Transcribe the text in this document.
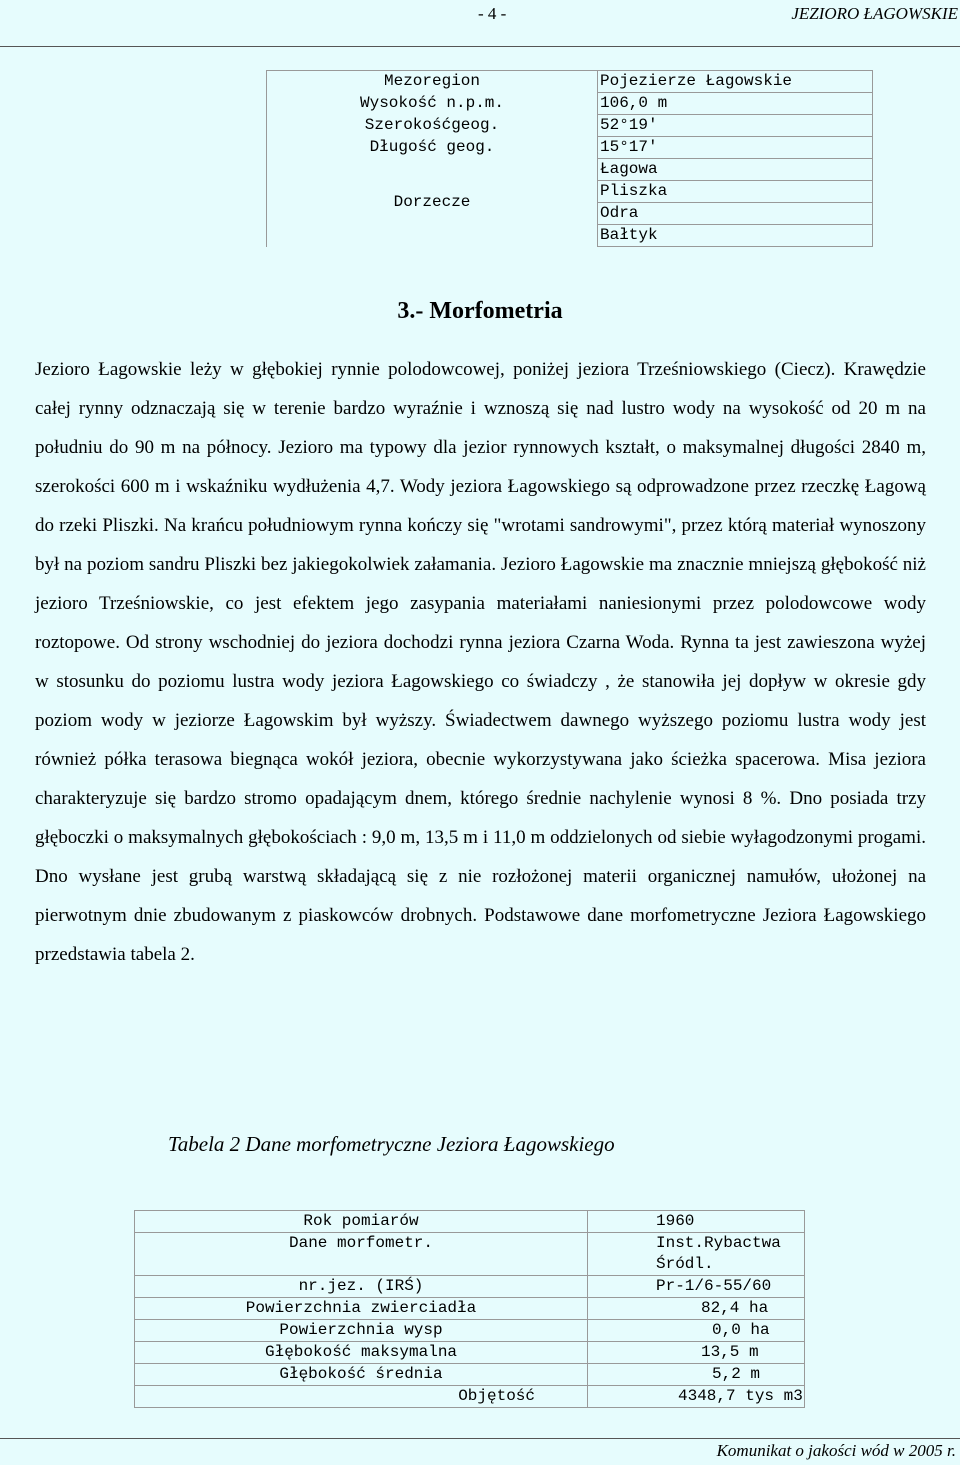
- 4 -	JEZIORO ŁAGOWSKIE
Mezoregion	Pojezierze Łagowskie
Wysokość n.p.m.	106,0 m
Szerokośćgeog.	52°19'
Długość geog.	15°17'
Dorzecze	Łagowa
	Pliszka
	Odra
	Bałtyk
3.- Morfometria

Jezioro Łagowskie leży w głębokiej rynnie polodowcowej, poniżej jeziora Trześniowskiego (Ciecz). Krawędzie całej rynny odznaczają się w terenie bardzo wyraźnie i wznoszą się nad lustro wody na wysokość od 20 m na południu do 90 m na północy. Jezioro ma typowy dla jezior rynnowych kształt, o maksymalnej długości 2840 m, szerokości 600 m i wskaźniku wydłużenia 4,7. Wody jeziora Łagowskiego są odprowadzone przez rzeczkę Łagową do rzeki Pliszki. Na krańcu południowym rynna kończy się "wrotami sandrowymi", przez którą materiał wynoszony był na poziom sandru Pliszki bez jakiegokolwiek załamania. Jezioro Łagowskie ma znacznie mniejszą głębokość niż jezioro Trześniowskie, co jest efektem jego zasypania materiałami naniesionymi przez polodowcowe wody roztopowe. Od strony wschodniej do jeziora dochodzi rynna jeziora Czarna Woda. Rynna ta jest zawieszona wyżej w stosunku do poziomu lustra wody jeziora Łagowskiego co świadczy , że stanowiła jej dopływ w okresie gdy poziom wody w jeziorze Łagowskim był wyższy. Świadectwem dawnego wyższego poziomu lustra wody jest również półka terasowa biegnąca wokół jeziora, obecnie wykorzystywana jako ścieżka spacerowa. Misa jeziora charakteryzuje się bardzo stromo opadającym dnem, którego średnie nachylenie wynosi 8 %. Dno posiada trzy głęboczki o maksymalnych głębokościach : 9,0 m, 13,5 m i 11,0 m oddzielonych od siebie wyłagodzonymi progami. Dno wysłane jest grubą warstwą składającą się z nie rozłożonej materii organicznej namułów, ułożonej na pierwotnym dnie zbudowanym z piaskowców drobnych. Podstawowe dane morfometryczne Jeziora Łagowskiego przedstawia tabela 2.

Tabela 2 Dane morfometryczne Jeziora Łagowskiego
Rok pomiarów	1960
Dane morfometr.	Inst.Rybactwa Śródl.
nr.jez. (IRŚ)	Pr-1/6-55/60
Powierzchnia zwierciadła	82,4 ha
Powierzchnia wysp	0,0 ha
Głębokość maksymalna	13,5 m
Głębokość średnia	5,2 m
Objętość	4348,7 tys m3
Komunikat o jakości wód w 2005 r.
